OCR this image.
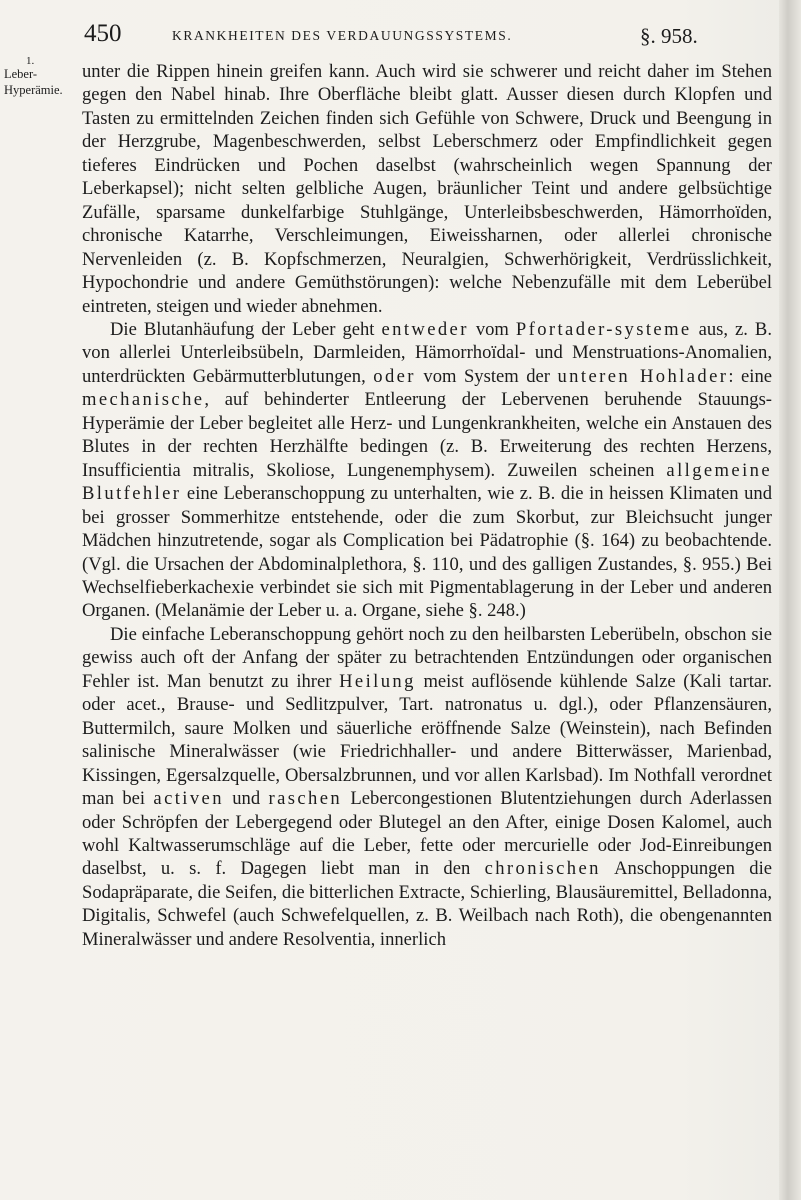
450	KRANKHEITEN DES VERDAUUNGSSYSTEMS.	§. 958.
1.
Leber-
Hyperämie.

unter die Rippen hinein greifen kann. Auch wird sie schwerer und reicht daher im Stehen gegen den Nabel hinab. Ihre Oberfläche bleibt glatt. Ausser diesen durch Klopfen und Tasten zu ermittelnden Zeichen finden sich Gefühle von Schwere, Druck und Beengung in der Herzgrube, Magenbeschwerden, selbst Leberschmerz oder Empfindlichkeit gegen tieferes Eindrücken und Pochen daselbst (wahrscheinlich wegen Spannung der Leberkapsel); nicht selten gelbliche Augen, bräunlicher Teint und andere gelbsüchtige Zufälle, sparsame dunkelfarbige Stuhlgänge, Unterleibsbeschwerden, Hämorrhoïden, chronische Katarrhe, Verschleimungen, Eiweissharnen, oder allerlei chronische Nervenleiden (z. B. Kopfschmerzen, Neuralgien, Schwerhörigkeit, Verdrüsslichkeit, Hypochondrie und andere Gemüthstörungen): welche Nebenzufälle mit dem Leberübel eintreten, steigen und wieder abnehmen.

Die Blutanhäufung der Leber geht entweder vom Pfortader-systeme aus, z. B. von allerlei Unterleibsübeln, Darmleiden, Hämorrhoïdal- und Menstruations-Anomalien, unterdrückten Gebärmutterblutungen, oder vom System der unteren Hohlader: eine mechanische, auf behinderter Entleerung der Lebervenen beruhende Stauungs-Hyperämie der Leber begleitet alle Herz- und Lungenkrankheiten, welche ein Anstauen des Blutes in der rechten Herzhälfte bedingen (z. B. Erweiterung des rechten Herzens, Insufficientia mitralis, Skoliose, Lungenemphysem). Zuweilen scheinen allgemeine Blutfehler eine Leberanschoppung zu unterhalten, wie z. B. die in heissen Klimaten und bei grosser Sommerhitze entstehende, oder die zum Skorbut, zur Bleichsucht junger Mädchen hinzutretende, sogar als Complication bei Pädatrophie (§. 164) zu beobachtende. (Vgl. die Ursachen der Abdominalplethora, §. 110, und des galligen Zustandes, §. 955.) Bei Wechselfieberkachexie verbindet sie sich mit Pigmentablagerung in der Leber und anderen Organen. (Melanämie der Leber u. a. Organe, siehe §. 248.)

Die einfache Leberanschoppung gehört noch zu den heilbarsten Leberübeln, obschon sie gewiss auch oft der Anfang der später zu betrachtenden Entzündungen oder organischen Fehler ist. Man benutzt zu ihrer Heilung meist auflösende kühlende Salze (Kali tartar. oder acet., Brause- und Sedlitzpulver, Tart. natronatus u. dgl.), oder Pflanzensäuren, Buttermilch, saure Molken und säuerliche eröffnende Salze (Weinstein), nach Befinden salinische Mineralwässer (wie Friedrichhaller- und andere Bitterwässer, Marienbad, Kissingen, Egersalzquelle, Obersalzbrunnen, und vor allen Karlsbad). Im Nothfall verordnet man bei activen und raschen Lebercongestionen Blutentziehungen durch Aderlassen oder Schröpfen der Lebergegend oder Blutegel an den After, einige Dosen Kalomel, auch wohl Kaltwasserumschläge auf die Leber, fette oder mercurielle oder Jod-Einreibungen daselbst, u. s. f. Dagegen liebt man in den chronischen Anschoppungen die Sodapräparate, die Seifen, die bitterlichen Extracte, Schierling, Blausäuremittel, Belladonna, Digitalis, Schwefel (auch Schwefelquellen, z. B. Weilbach nach Roth), die obengenannten Mineralwässer und andere Resolventia, innerlich
